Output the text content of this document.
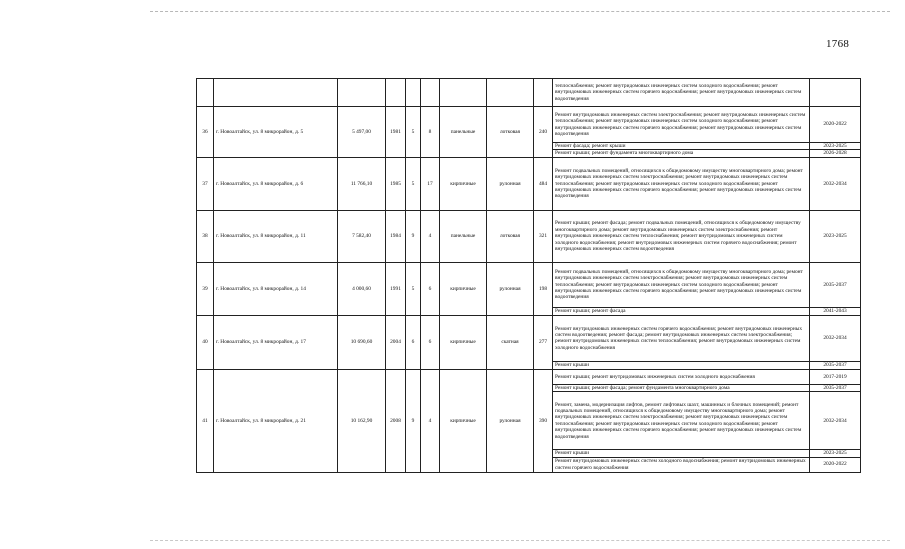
1768
									теплоснабжения; ремонт внутридомовых инженерных систем холодного водоснабжения; ремонт внутридомовых инженерных систем горячего водоснабжения; ремонт внутридомовых инженерных систем водоотведения	
36	г. Новоалтайск, ул. 8 микрорайон, д. 5	5 497,00	1981	5	8	панельные	лотковая	240	Ремонт внутридомовых инженерных систем электроснабжения; ремонт внутридомовых инженерных систем теплоснабжения; ремонт внутридомовых инженерных систем холодного водоснабжения; ремонт внутридомовых инженерных систем горячего водоснабжения; ремонт внутридомовых инженерных систем водоотведения	2020-2022
									Ремонт фасада; ремонт крыши	2023-2025
									Ремонт крыши; ремонт фундамента многоквартирного дома	2026-2028
37	г. Новоалтайск, ул. 8 микрорайон, д. 6	11 766,10	1985	5	17	кирпичные	рулонная	484	Ремонт подвальных помещений, относящихся к общедомовому имуществу многоквартирного дома; ремонт внутридомовых инженерных систем электроснабжения; ремонт внутридомовых инженерных систем теплоснабжения; ремонт внутридомовых инженерных систем холодного водоснабжения; ремонт внутридомовых инженерных систем горячего водоснабжения; ремонт внутридомовых инженерных систем водоотведения	2032-2034
38	г. Новоалтайск, ул. 8 микрорайон, д. 11	7 582,40	1984	9	4	панельные	лотковая	321	Ремонт крыши; ремонт фасада; ремонт подвальных помещений, относящихся к общедомовому имуществу многоквартирного дома; ремонт внутридомовых инженерных систем электроснабжения; ремонт внутридомовых инженерных систем теплоснабжения; ремонт внутридомовых инженерных систем холодного водоснабжения; ремонт внутридомовых инженерных систем горячего водоснабжения; ремонт внутридомовых инженерных систем водоотведения	2023-2025
39	г. Новоалтайск, ул. 8 микрорайон, д. 14	4 000,60	1991	5	6	кирпичные	рулонная	198	Ремонт подвальных помещений, относящихся к общедомовому имуществу многоквартирного дома; ремонт внутридомовых инженерных систем электроснабжения; ремонт внутридомовых инженерных систем теплоснабжения; ремонт внутридомовых инженерных систем холодного водоснабжения; ремонт внутридомовых инженерных систем горячего водоснабжения; ремонт внутридомовых инженерных систем водоотведения	2035-2037
									Ремонт крыши; ремонт фасада	2041-2043
40	г. Новоалтайск, ул. 8 микрорайон, д. 17	10 690,60	2004	6	6	кирпичные	скатная	277	Ремонт внутридомовых инженерных систем горячего водоснабжения; ремонт внутридомовых инженерных систем водоотведения; ремонт фасада; ремонт внутридомовых инженерных систем электроснабжения; ремонт внутридомовых инженерных систем теплоснабжения; ремонт внутридомовых инженерных систем холодного водоснабжения	2032-2034
									Ремонт крыши	2035-2037
41	г. Новоалтайск, ул. 8 микрорайон, д. 21	10 162,90	2008	9	4	кирпичные	рулонная	390	Ремонт крыши; ремонт внутридомовых инженерных систем холодного водоснабжения	2017-2019
									Ремонт крыши; ремонт фасада; ремонт фундамента многоквартирного дома	2035-2037
									Ремонт, замена, модернизация лифтов, ремонт лифтовых шахт, машинных и блочных помещений; ремонт подвальных помещений, относящихся к общедомовому имуществу многоквартирного дома; ремонт внутридомовых инженерных систем электроснабжения; ремонт внутридомовых инженерных систем теплоснабжения; ремонт внутридомовых инженерных систем холодного водоснабжения; ремонт внутридомовых инженерных систем горячего водоснабжения; ремонт внутридомовых инженерных систем водоотведения	2032-2034
									Ремонт крыши	2023-2025
									Ремонт внутридомовых инженерных систем холодного водоснабжения; ремонт внутридомовых инженерных систем горячего водоснабжения	2020-2022
